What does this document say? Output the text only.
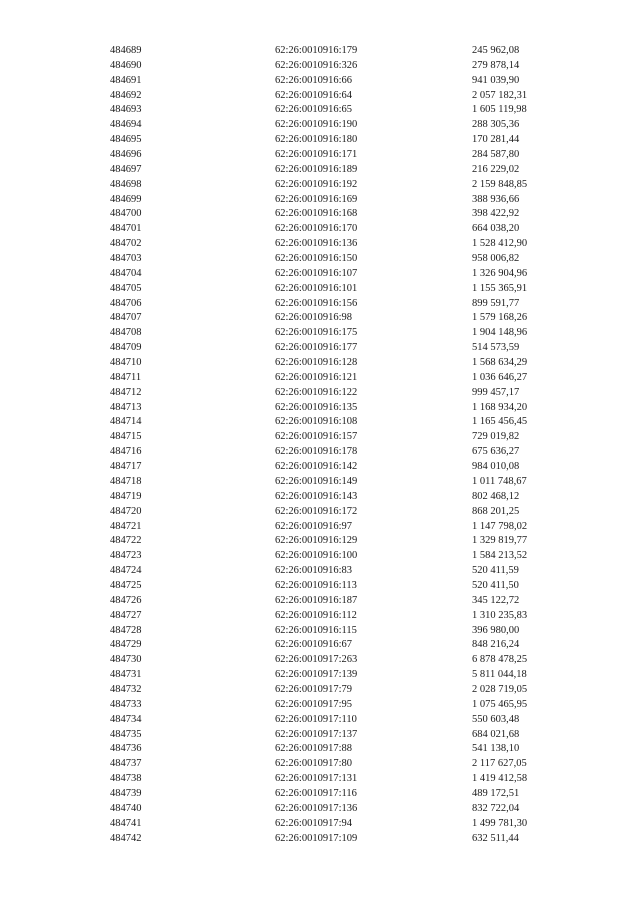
484689	62:26:0010916:179	245 962,08
484690	62:26:0010916:326	279 878,14
484691	62:26:0010916:66	941 039,90
484692	62:26:0010916:64	2 057 182,31
484693	62:26:0010916:65	1 605 119,98
484694	62:26:0010916:190	288 305,36
484695	62:26:0010916:180	170 281,44
484696	62:26:0010916:171	284 587,80
484697	62:26:0010916:189	216 229,02
484698	62:26:0010916:192	2 159 848,85
484699	62:26:0010916:169	388 936,66
484700	62:26:0010916:168	398 422,92
484701	62:26:0010916:170	664 038,20
484702	62:26:0010916:136	1 528 412,90
484703	62:26:0010916:150	958 006,82
484704	62:26:0010916:107	1 326 904,96
484705	62:26:0010916:101	1 155 365,91
484706	62:26:0010916:156	899 591,77
484707	62:26:0010916:98	1 579 168,26
484708	62:26:0010916:175	1 904 148,96
484709	62:26:0010916:177	514 573,59
484710	62:26:0010916:128	1 568 634,29
484711	62:26:0010916:121	1 036 646,27
484712	62:26:0010916:122	999 457,17
484713	62:26:0010916:135	1 168 934,20
484714	62:26:0010916:108	1 165 456,45
484715	62:26:0010916:157	729 019,82
484716	62:26:0010916:178	675 636,27
484717	62:26:0010916:142	984 010,08
484718	62:26:0010916:149	1 011 748,67
484719	62:26:0010916:143	802 468,12
484720	62:26:0010916:172	868 201,25
484721	62:26:0010916:97	1 147 798,02
484722	62:26:0010916:129	1 329 819,77
484723	62:26:0010916:100	1 584 213,52
484724	62:26:0010916:83	520 411,59
484725	62:26:0010916:113	520 411,50
484726	62:26:0010916:187	345 122,72
484727	62:26:0010916:112	1 310 235,83
484728	62:26:0010916:115	396 980,00
484729	62:26:0010916:67	848 216,24
484730	62:26:0010917:263	6 878 478,25
484731	62:26:0010917:139	5 811 044,18
484732	62:26:0010917:79	2 028 719,05
484733	62:26:0010917:95	1 075 465,95
484734	62:26:0010917:110	550 603,48
484735	62:26:0010917:137	684 021,68
484736	62:26:0010917:88	541 138,10
484737	62:26:0010917:80	2 117 627,05
484738	62:26:0010917:131	1 419 412,58
484739	62:26:0010917:116	489 172,51
484740	62:26:0010917:136	832 722,04
484741	62:26:0010917:94	1 499 781,30
484742	62:26:0010917:109	632 511,44
